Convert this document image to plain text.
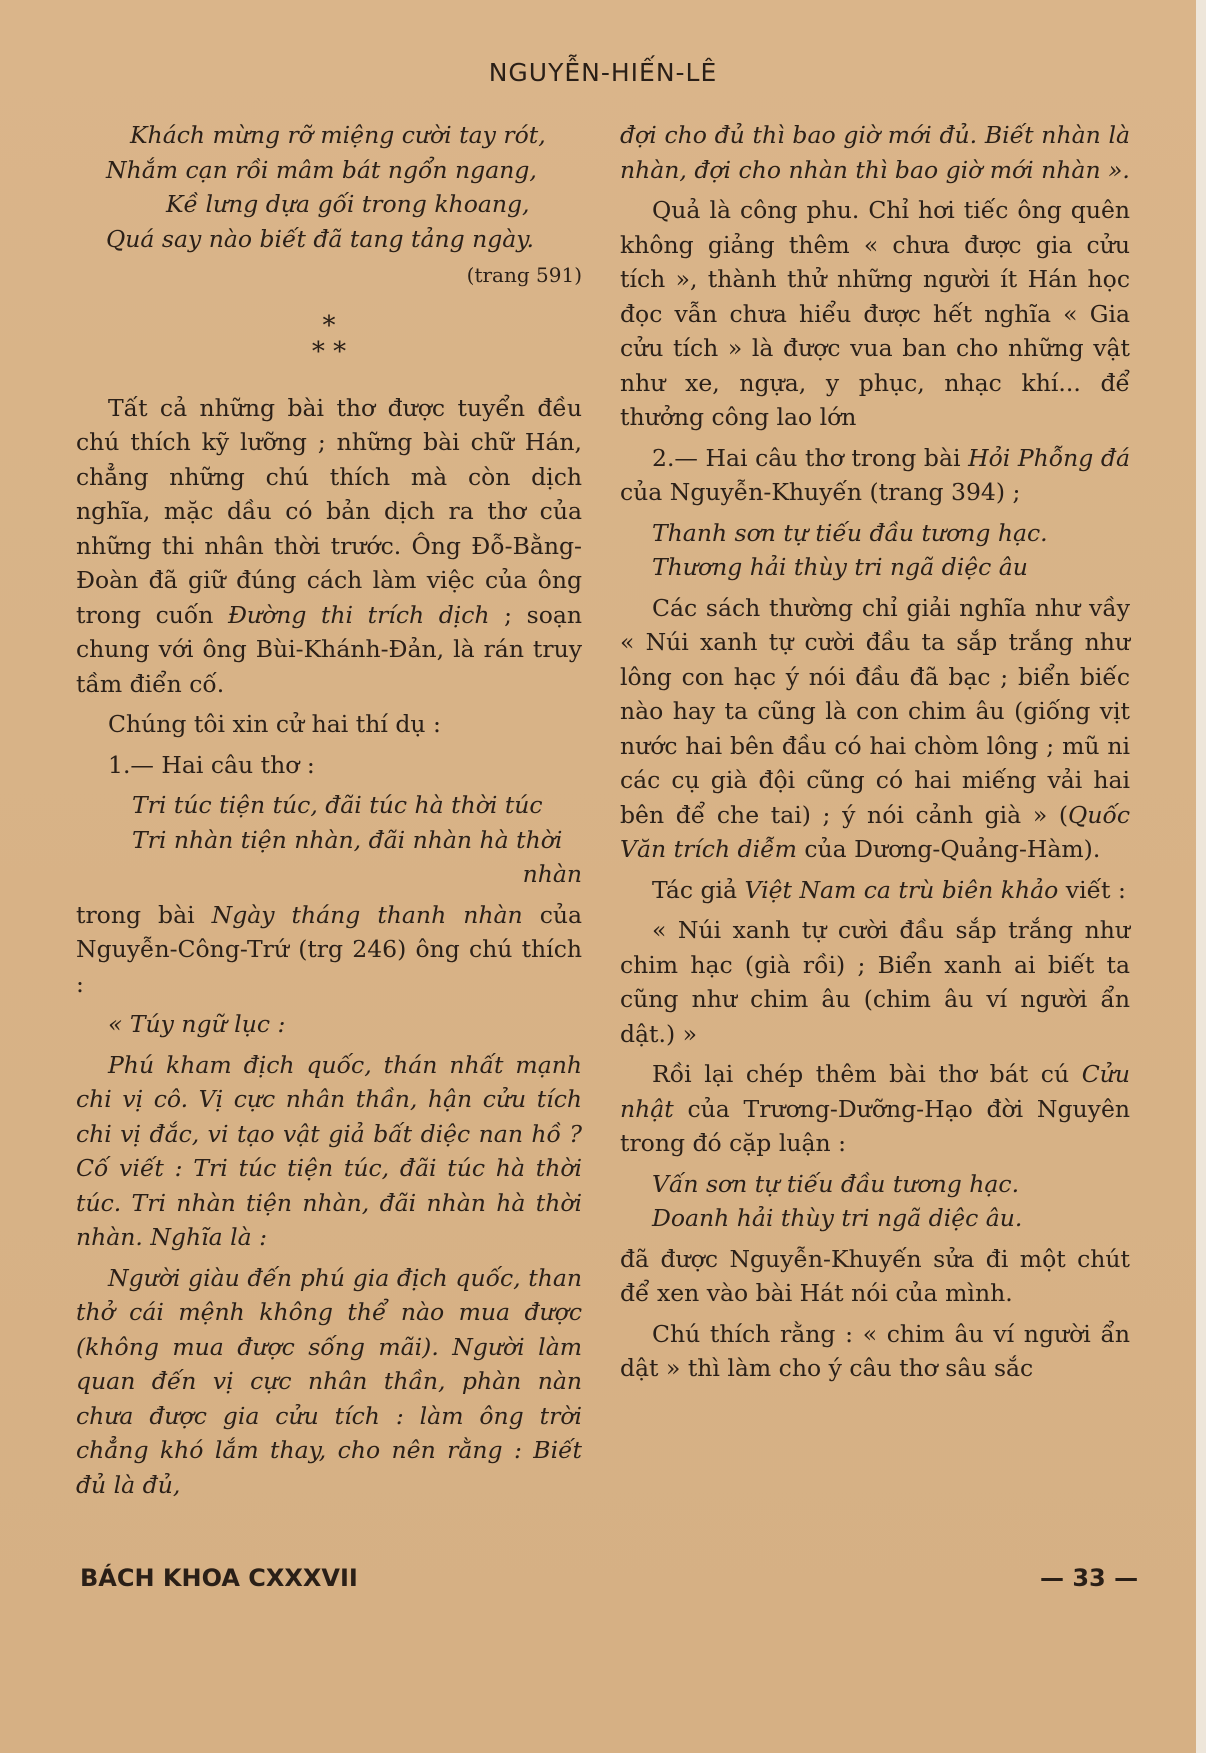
NGUYỄN-HIẾN-LÊ
Khách mừng rỡ miệng cười tay rót,
Nhắm cạn rồi mâm bát ngổn ngang,
Kề lưng dựa gối trong khoang,
Quá say nào biết đã tang tảng ngày.
(trang 591)
*
* *

Tất cả những bài thơ được tuyển đều chú thích kỹ lưỡng ; những bài chữ Hán, chẳng những chú thích mà còn dịch nghĩa, mặc dầu có bản dịch ra thơ của những thi nhân thời trước. Ông Đỗ-Bằng-Đoàn đã giữ đúng cách làm việc của ông trong cuốn Đường thi trích dịch ; soạn chung với ông Bùi-Khánh-Đản, là rán truy tầm điển cố.

Chúng tôi xin cử hai thí dụ :

1.— Hai câu thơ :

Tri túc tiện túc, đãi túc hà thời túc
Tri nhàn tiện nhàn, đãi nhàn hà thời
nhàn

trong bài Ngày tháng thanh nhàn của Nguyễn-Công-Trứ (trg 246) ông chú thích :

« Túy ngữ lục :

Phú kham địch quốc, thán nhất mạnh chi vị cô. Vị cực nhân thần, hận cửu tích chi vị đắc, vi tạo vật giả bất diệc nan hồ ? Cố viết : Tri túc tiện túc, đãi túc hà thời túc. Tri nhàn tiện nhàn, đãi nhàn hà thời nhàn. Nghĩa là :

Người giàu đến phú gia địch quốc, than thở cái mệnh không thể nào mua được (không mua được sống mãi). Người làm quan đến vị cực nhân thần, phàn nàn chưa được gia cửu tích : làm ông trời chẳng khó lắm thay, cho nên rằng : Biết đủ là đủ,

đợi cho đủ thì bao giờ mới đủ. Biết nhàn là nhàn, đợi cho nhàn thì bao giờ mới nhàn ».

Quả là công phu. Chỉ hơi tiếc ông quên không giảng thêm « chưa được gia cửu tích », thành thử những người ít Hán học đọc vẫn chưa hiểu được hết nghĩa « Gia cửu tích » là được vua ban cho những vật như xe, ngựa, y phục, nhạc khí... để thưởng công lao lớn

2.— Hai câu thơ trong bài Hỏi Phỗng đá của Nguyễn-Khuyến (trang 394) ;

Thanh sơn tự tiếu đầu tương hạc.
Thương hải thùy tri ngã diệc âu

Các sách thường chỉ giải nghĩa như vầy « Núi xanh tự cười đầu ta sắp trắng như lông con hạc ý nói đầu đã bạc ; biển biếc nào hay ta cũng là con chim âu (giống vịt nước hai bên đầu có hai chòm lông ; mũ ni các cụ già đội cũng có hai miếng vải hai bên để che tai) ; ý nói cảnh già » (Quốc Văn trích diễm của Dương-Quảng-Hàm).

Tác giả Việt Nam ca trù biên khảo viết :

« Núi xanh tự cười đầu sắp trắng như chim hạc (già rồi) ; Biển xanh ai biết ta cũng như chim âu (chim âu ví người ẩn dật.) »

Rồi lại chép thêm bài thơ bát cú Cửu nhật của Trương-Dưỡng-Hạo đời Nguyên trong đó cặp luận :

Vấn sơn tự tiếu đầu tương hạc.
Doanh hải thùy tri ngã diệc âu.

đã được Nguyễn-Khuyến sửa đi một chút để xen vào bài Hát nói của mình.

Chú thích rằng : « chim âu ví người ẩn dật » thì làm cho ý câu thơ sâu sắc

BÁCH KHOA CXXXVII	— 33 —
